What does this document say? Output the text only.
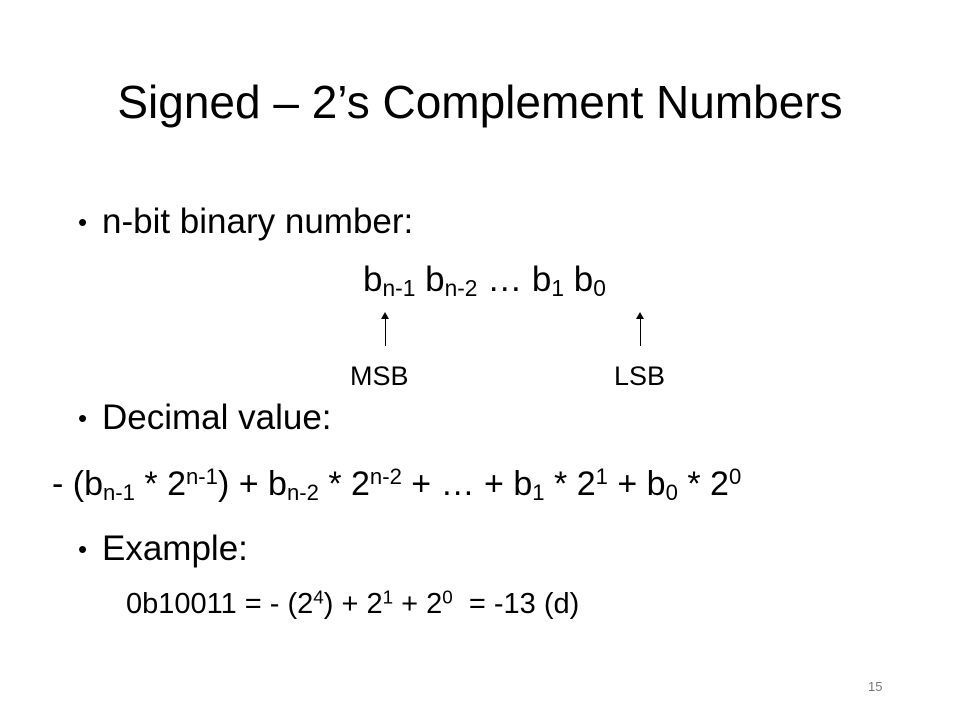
Signed – 2’s Complement Numbers
• n-bit binary number:
$b_{n-1}$ $b_{n-2}$ … $b_1$ $b_0$
MSB	LSB
• Decimal value:
- $(b_{n-1} * 2^{n-1}) + b_{n-2} * 2^{n-2}$ + … + $b_1 * 2^1 + b_0 * 2^0$
• Example:
0b10011 = - $(2^4) + 2^1 + 2^0 = -13$ (d)
15
